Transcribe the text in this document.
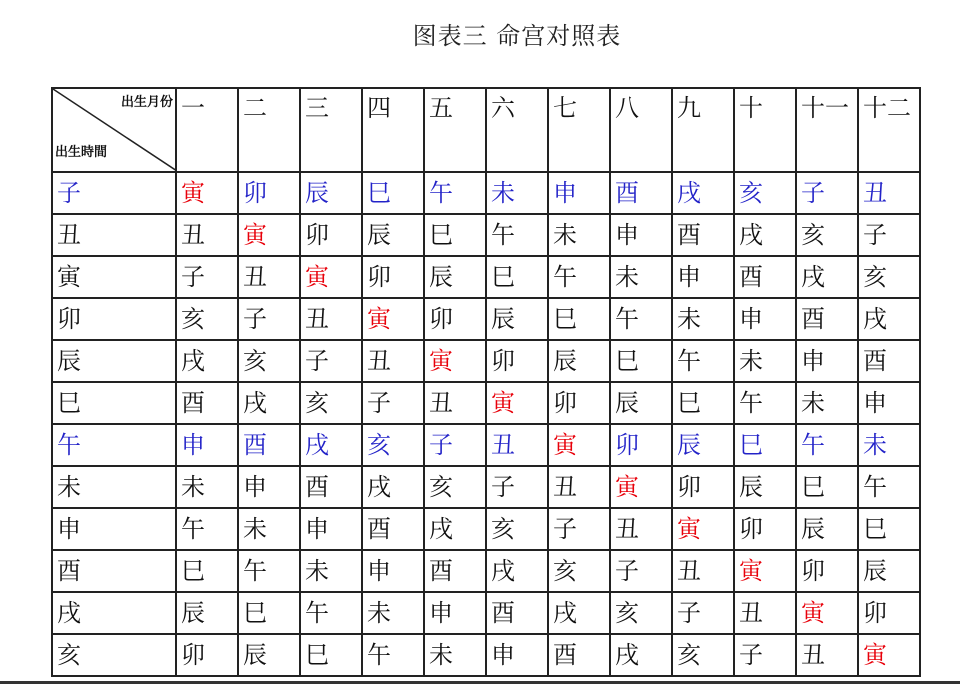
图表三 命宫对照表
出生月份
出生時間	一	二	三	四	五	六	七	八	九	十	十一	十二
子	寅	卯	辰	巳	午	未	申	酉	戌	亥	子	丑
丑	丑	寅	卯	辰	巳	午	未	申	酉	戌	亥	子
寅	子	丑	寅	卯	辰	巳	午	未	申	酉	戌	亥
卯	亥	子	丑	寅	卯	辰	巳	午	未	申	酉	戌
辰	戌	亥	子	丑	寅	卯	辰	巳	午	未	申	酉
巳	酉	戌	亥	子	丑	寅	卯	辰	巳	午	未	申
午	申	酉	戌	亥	子	丑	寅	卯	辰	巳	午	未
未	未	申	酉	戌	亥	子	丑	寅	卯	辰	巳	午
申	午	未	申	酉	戌	亥	子	丑	寅	卯	辰	巳
酉	巳	午	未	申	酉	戌	亥	子	丑	寅	卯	辰
戌	辰	巳	午	未	申	酉	戌	亥	子	丑	寅	卯
亥	卯	辰	巳	午	未	申	酉	戌	亥	子	丑	寅
